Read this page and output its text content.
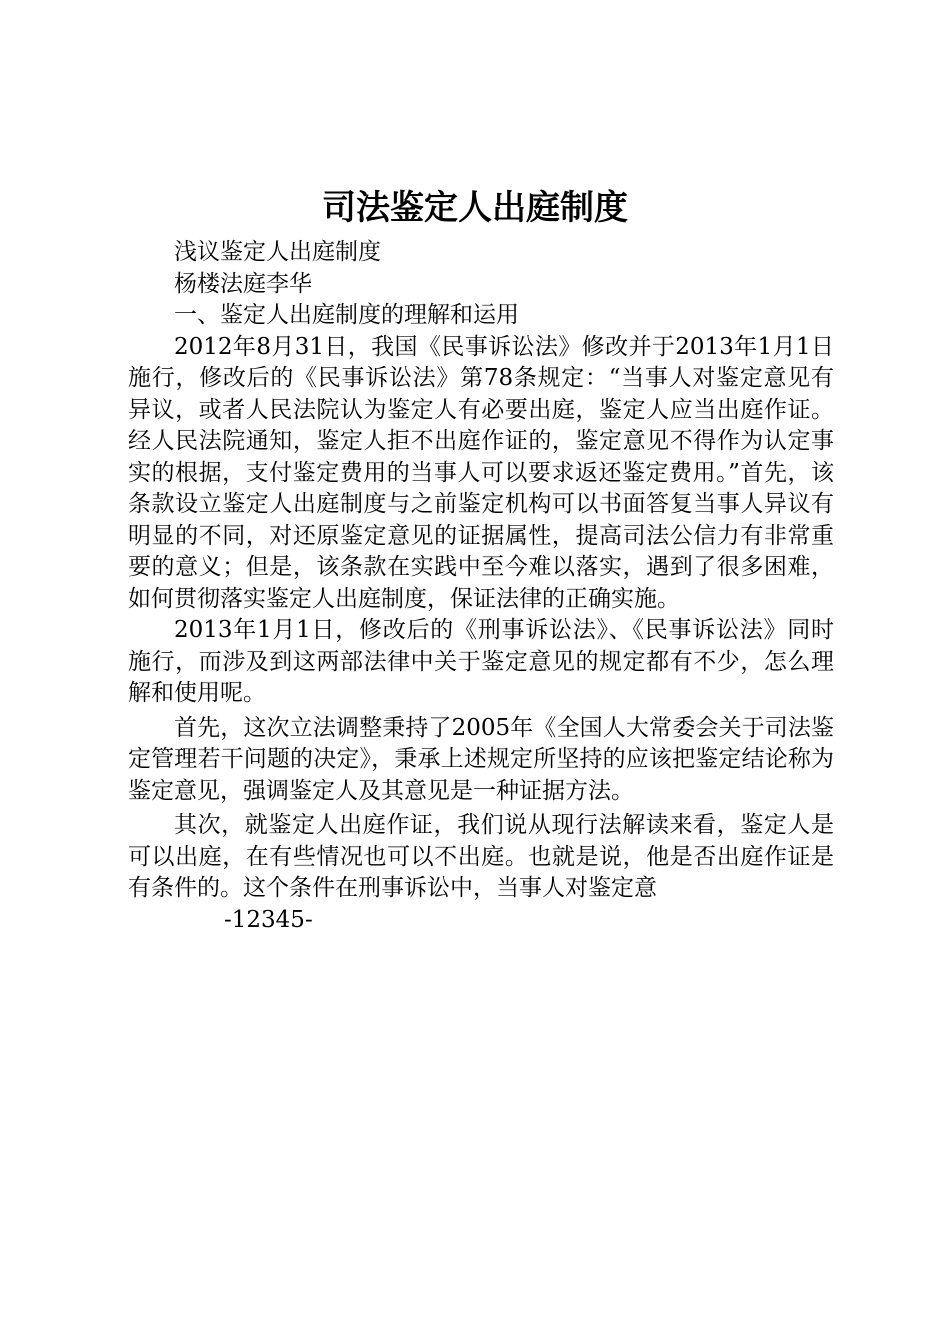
司法鉴定人出庭制度

浅议鉴定人出庭制度

杨楼法庭李华

一、鉴定人出庭制度的理解和运用

2012年8月31日，我国《民事诉讼法》修改并于2013年1月1日施行，修改后的《民事诉讼法》第78条规定：“当事人对鉴定意见有异议，或者人民法院认为鉴定人有必要出庭，鉴定人应当出庭作证。经人民法院通知，鉴定人拒不出庭作证的，鉴定意见不得作为认定事实的根据，支付鉴定费用的当事人可以要求返还鉴定费用。”首先，该条款设立鉴定人出庭制度与之前鉴定机构可以书面答复当事人异议有明显的不同，对还原鉴定意见的证据属性，提高司法公信力有非常重要的意义；但是，该条款在实践中至今难以落实，遇到了很多困难，如何贯彻落实鉴定人出庭制度，保证法律的正确实施。

2013年1月1日，修改后的《刑事诉讼法》、《民事诉讼法》同时施行，而涉及到这两部法律中关于鉴定意见的规定都有不少，怎么理解和使用呢。

首先，这次立法调整秉持了2005年《全国人大常委会关于司法鉴定管理若干问题的决定》，秉承上述规定所坚持的应该把鉴定结论称为鉴定意见，强调鉴定人及其意见是一种证据方法。

其次，就鉴定人出庭作证，我们说从现行法解读来看，鉴定人是可以出庭，在有些情况也可以不出庭。也就是说，他是否出庭作证是有条件的。这个条件在刑事诉讼中，当事人对鉴定意

-12345-
